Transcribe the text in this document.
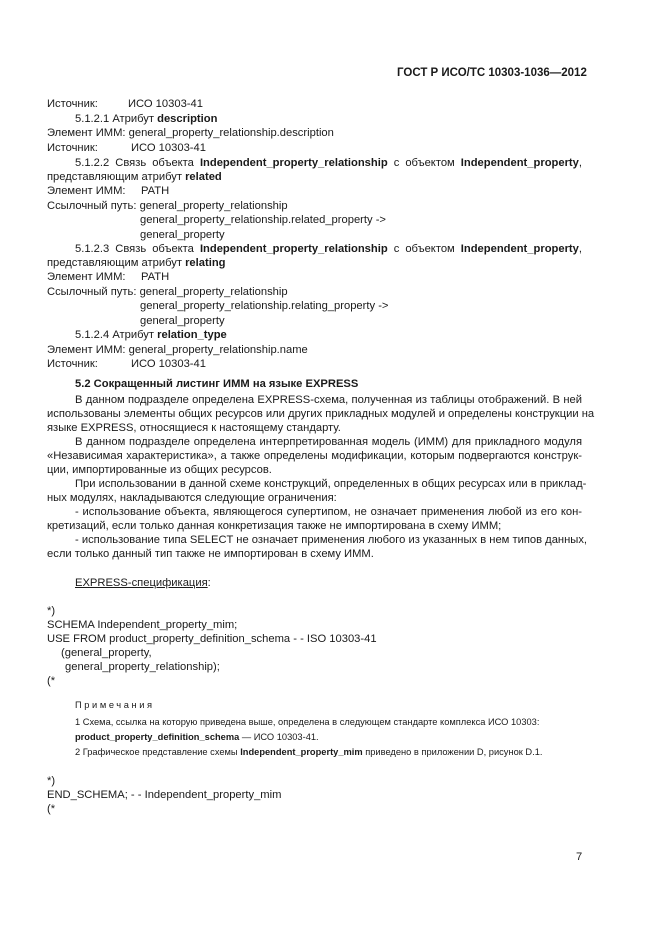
ГОСТ Р ИСО/ТС 10303-1036—2012
Источник:	ИСО 10303-41
5.1.2.1 Атрибут description
Элемент ИММ: general_property_relationship.description
Источник:	ИСО 10303-41
5.1.2.2 Связь объекта Independent_property_relationship с объектом Independent_property,
представляющим атрибут related
Элемент ИММ: PATH
Ссылочный путь: general_property_relationship
general_property_relationship.related_property ->
general_property
5.1.2.3 Связь объекта Independent_property_relationship с объектом Independent_property,
представляющим атрибут relating
Элемент ИММ: PATH
Ссылочный путь: general_property_relationship
general_property_relationship.relating_property ->
general_property
5.1.2.4 Атрибут relation_type
Элемент ИММ: general_property_relationship.name
Источник:	ИСО 10303-41
5.2 Сокращенный листинг ИММ на языке EXPRESS
В данном подразделе определена EXPRESS-схема, полученная из таблицы отображений. В ней
использованы элементы общих ресурсов или других прикладных модулей и определены конструкции на
языке EXPRESS, относящиеся к настоящему стандарту.
В данном подразделе определена интерпретированная модель (ИММ) для прикладного модуля
«Независимая характеристика», а также определены модификации, которым подвергаются конструк-
ции, импортированные из общих ресурсов.
При использовании в данной схеме конструкций, определенных в общих ресурсах или в приклад-
ных модулях, накладываются следующие ограничения:
- использование объекта, являющегося супертипом, не означает применения любой из его кон-
кретизаций, если только данная конкретизация также не импортирована в схему ИММ;
- использование типа SELECT не означает применения любого из указанных в нем типов данных,
если только данный тип также не импортирован в схему ИММ.
EXPRESS-спецификация:
*)
SCHEMA Independent_property_mim;
USE FROM product_property_definition_schema - - ISO 10303-41
(general_property,
general_property_relationship);
(*
Примечания
1 Схема, ссылка на которую приведена выше, определена в следующем стандарте комплекса ИСО 10303:
product_property_definition_schema — ИСО 10303-41.
2 Графическое представление схемы Independent_property_mim приведено в приложении D, рисунок D.1.
*)
END_SCHEMA; - - Independent_property_mim
(*
7
